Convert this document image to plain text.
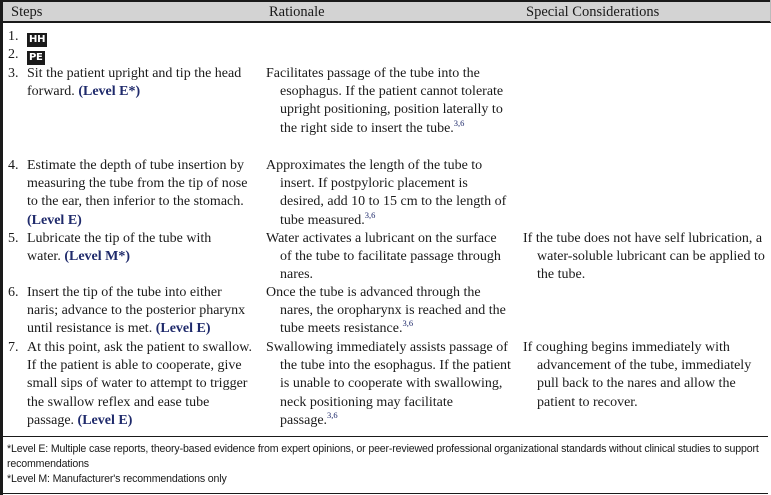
Steps	Rationale	Special Considerations
1. HH
2. PE
3. Sit the patient upright and tip the head forward. (Level E*)
4. Estimate the depth of tube insertion by measuring the tube from the tip of nose to the ear, then inferior to the stomach. (Level E)
5. Lubricate the tip of the tube with water. (Level M*)
6. Insert the tip of the tube into either naris; advance to the posterior pharynx until resistance is met. (Level E)
7. At this point, ask the patient to swallow. If the patient is able to cooperate, give small sips of water to attempt to trigger the swallow reflex and ease tube passage. (Level E)
Facilitates passage of the tube into the esophagus. If the patient cannot tolerate upright positioning, position laterally to the right side to insert the tube.$^{3,6}$
Approximates the length of the tube to insert. If postpyloric placement is desired, add 10 to 15 cm to the length of tube measured.$^{3,6}$
Water activates a lubricant on the surface of the tube to facilitate passage through nares.
Once the tube is advanced through the nares, the oropharynx is reached and the tube meets resistance.$^{3,6}$
Swallowing immediately assists passage of the tube into the esophagus. If the patient is unable to cooperate with swallowing, neck positioning may facilitate passage.$^{3,6}$
If the tube does not have self lubrication, a water-soluble lubricant can be applied to the tube.
If coughing begins immediately with advancement of the tube, immediately pull back to the nares and allow the patient to recover.
*Level E: Multiple case reports, theory-based evidence from expert opinions, or peer-reviewed professional organizational standards without clinical studies to support recommendations
*Level M: Manufacturer's recommendations only
